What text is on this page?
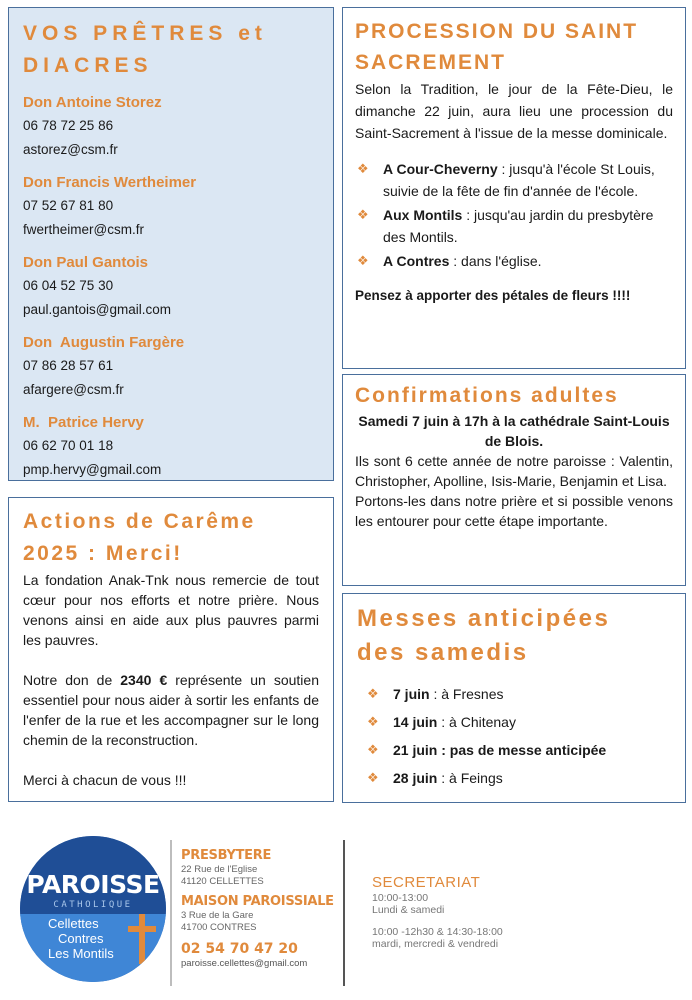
VOS PRÊTRES et
DIACRES
Don Antoine Storez
06 78 72 25 86
astorez@csm.fr
Don Francis Wertheimer
07 52 67 81 80
fwertheimer@csm.fr
Don Paul Gantois
06 04 52 75 30
paul.gantois@gmail.com
Don  Augustin Fargère
07 86 28 57 61
afargere@csm.fr
M.  Patrice Hervy
06 62 70 01 18
pmp.hervy@gmail.com
Actions de Carême
2025 : Merci!

La fondation Anak-Tnk nous remercie de tout cœur pour nos efforts et notre prière. Nous venons ainsi en aide aux plus pauvres parmi les pauvres.

Notre don de 2340 € représente un soutien essentiel pour nous aider à sortir les enfants de l'enfer de la rue et les accompagner sur le long chemin de la reconstruction.

Merci à chacun de vous !!!

PROCESSION DU SAINT
SACREMENT

Selon la Tradition, le jour de la Fête-Dieu, le dimanche 22 juin, aura lieu une procession du Saint-Sacrement à l'issue de la messe dominicale.

❖ A Cour-Cheverny : jusqu'à l'école St Louis, suivie de la fête de fin d'année de l'école.
❖ Aux Montils : jusqu'au jardin du presbytère des Montils.
❖ A Contres : dans l'église.
Pensez à apporter des pétales de fleurs !!!!
Confirmations adultes
Samedi 7 juin à 17h à la cathédrale Saint-Louis
de Blois.

Ils sont 6 cette année de notre paroisse : Valentin, Christopher, Apolline, Isis-Marie, Benjamin et Lisa.

Portons-les dans notre prière et si possible venons les entourer pour cette étape importante.

Messes anticipées
des samedis
❖ 7 juin : à Fresnes
❖ 14 juin : à Chitenay
❖ 21 juin : pas de messe anticipée
❖ 28 juin : à Feings
PAROISSE
CATHOLIQUE
Cellettes
Contres
Les Montils
PRESBYTERE
22 Rue de l'Eglise
41120 CELLETTES
MAISON PAROISSIALE
3 Rue de la Gare
41700 CONTRES
02 54 70 47 20
paroisse.cellettes@gmail.com
SECRETARIAT
10:00-13:00
Lundi & samedi
10:00 -12h30 & 14:30-18:00
mardi, mercredi & vendredi
